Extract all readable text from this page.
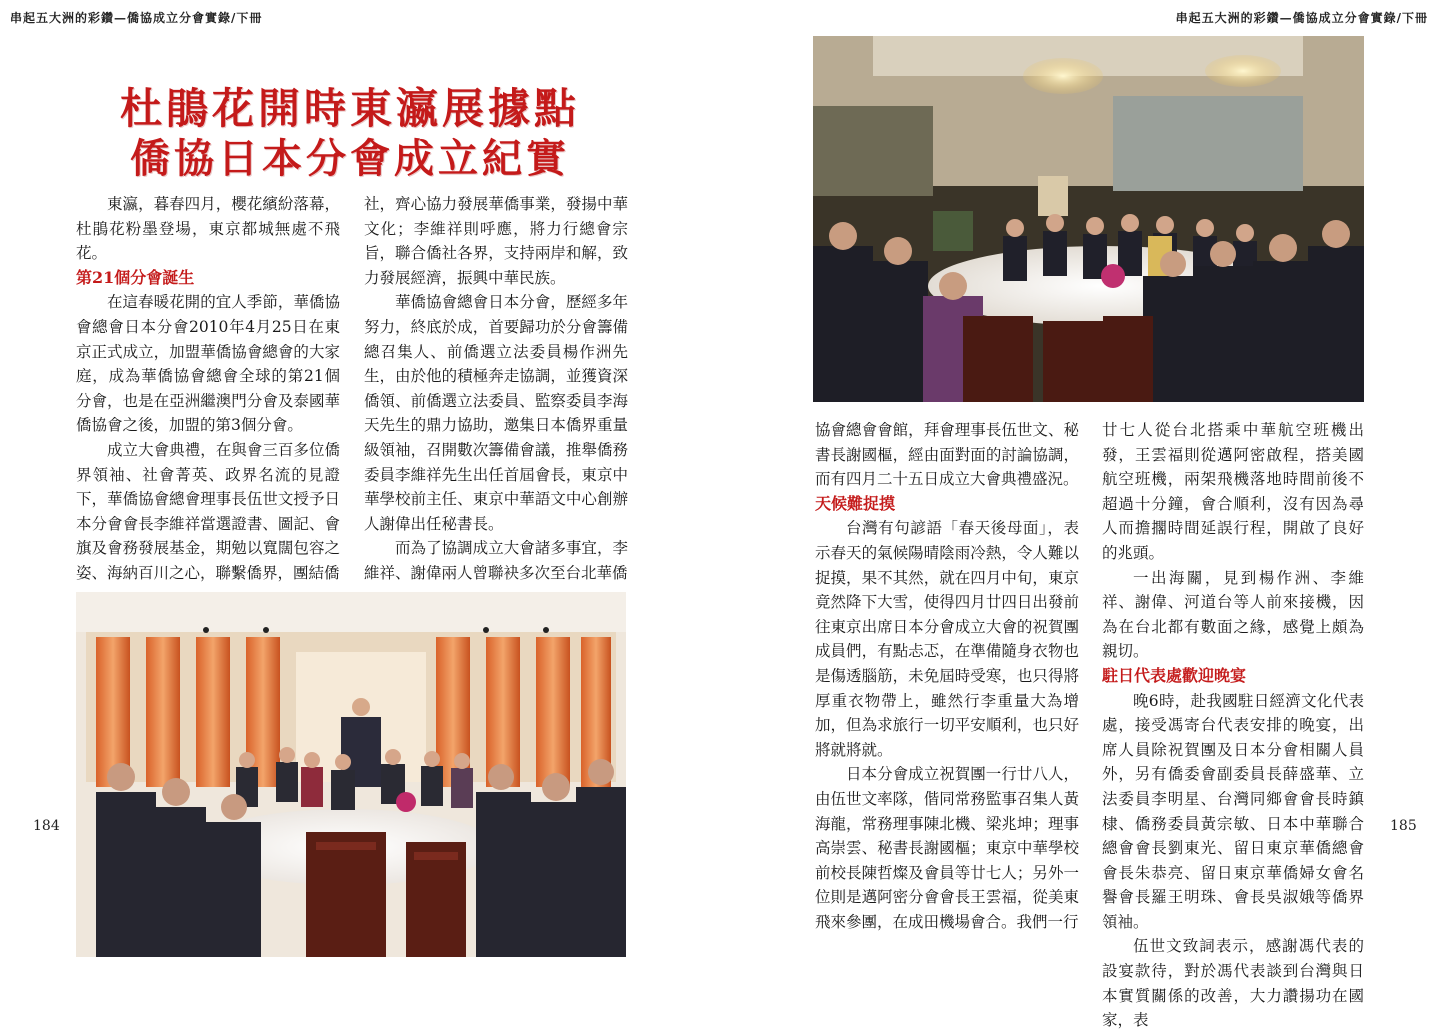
串起五大洲的彩鑽—僑協成立分會實錄/下冊	串起五大洲的彩鑽—僑協成立分會實錄/下冊
杜鵑花開時東瀛展據點
僑協日本分會成立紀實

東瀛，暮春四月，櫻花繽紛落幕，杜鵑花粉墨登場，東京都城無處不飛花。

第21個分會誕生

在這春暖花開的宜人季節，華僑協會總會日本分會2010年4月25日在東京正式成立，加盟華僑協會總會的大家庭，成為華僑協會總會全球的第21個分會，也是在亞洲繼澳門分會及泰國華僑協會之後，加盟的第3個分會。

成立大會典禮，在與會三百多位僑界領袖、社會菁英、政界名流的見證下，華僑協會總會理事長伍世文授予日本分會會長李維祥當選證書、圖記、會旗及會務發展基金，期勉以寬闊包容之姿、海納百川之心，聯繫僑界，團結僑

社，齊心協力發展華僑事業，發揚中華文化；李維祥則呼應，將力行總會宗旨，聯合僑社各界，支持兩岸和解，致力發展經濟，振興中華民族。

華僑協會總會日本分會，歷經多年努力，終底於成，首要歸功於分會籌備總召集人、前僑選立法委員楊作洲先生，由於他的積極奔走協調，並獲資深僑領、前僑選立法委員、監察委員李海天先生的鼎力協助，邀集日本僑界重量級領袖，召開數次籌備會議，推舉僑務委員李維祥先生出任首屆會長，東京中華學校前主任、東京中華語文中心創辦人謝偉出任秘書長。

而為了協調成立大會諸多事宜，李維祥、謝偉兩人曾聯袂多次至台北華僑

協會總會會館，拜會理事長伍世文、秘書長謝國樞，經由面對面的討論協調，而有四月二十五日成立大會典禮盛況。

天候難捉摸

台灣有句諺語「春天後母面」，表示春天的氣候陽晴陰雨冷熱，令人難以捉摸，果不其然，就在四月中旬，東京竟然降下大雪，使得四月廿四日出發前往東京出席日本分會成立大會的祝賀團成員們，有點忐忑，在準備隨身衣物也是傷透腦筋，未免屆時受寒，也只得將厚重衣物帶上，雖然行李重量大為增加，但為求旅行一切平安順利，也只好將就將就。

日本分會成立祝賀團一行廿八人，由伍世文率隊，偕同常務監事召集人黃海龍，常務理事陳北機、梁兆坤；理事高崇雲、秘書長謝國樞；東京中華學校前校長陳哲燦及會員等廿七人；另外一位則是邁阿密分會會長王雲福，從美東飛來參團，在成田機場會合。我們一行

廿七人從台北搭乘中華航空班機出發，王雲福則從邁阿密啟程，搭美國航空班機，兩架飛機落地時間前後不超過十分鐘，會合順利，沒有因為尋人而擔擱時間延誤行程，開啟了良好的兆頭。

一出海關，見到楊作洲、李維祥、謝偉、河道台等人前來接機，因為在台北都有數面之緣，感覺上頗為親切。

駐日代表處歡迎晚宴

晚6時，赴我國駐日經濟文化代表處，接受馮寄台代表安排的晚宴，出席人員除祝賀團及日本分會相關人員外，另有僑委會副委員長薛盛華、立法委員李明星、台灣同鄉會會長時鎮棣、僑務委員黃宗敏、日本中華聯合總會會長劉東光、留日東京華僑總會會長朱恭亮、留日東京華僑婦女會名譽會長羅王明珠、會長吳淑娥等僑界領袖。

伍世文致詞表示，感謝馮代表的設宴款待，對於馮代表談到台灣與日本實質關係的改善，大力讚揚功在國家，表

184	185
